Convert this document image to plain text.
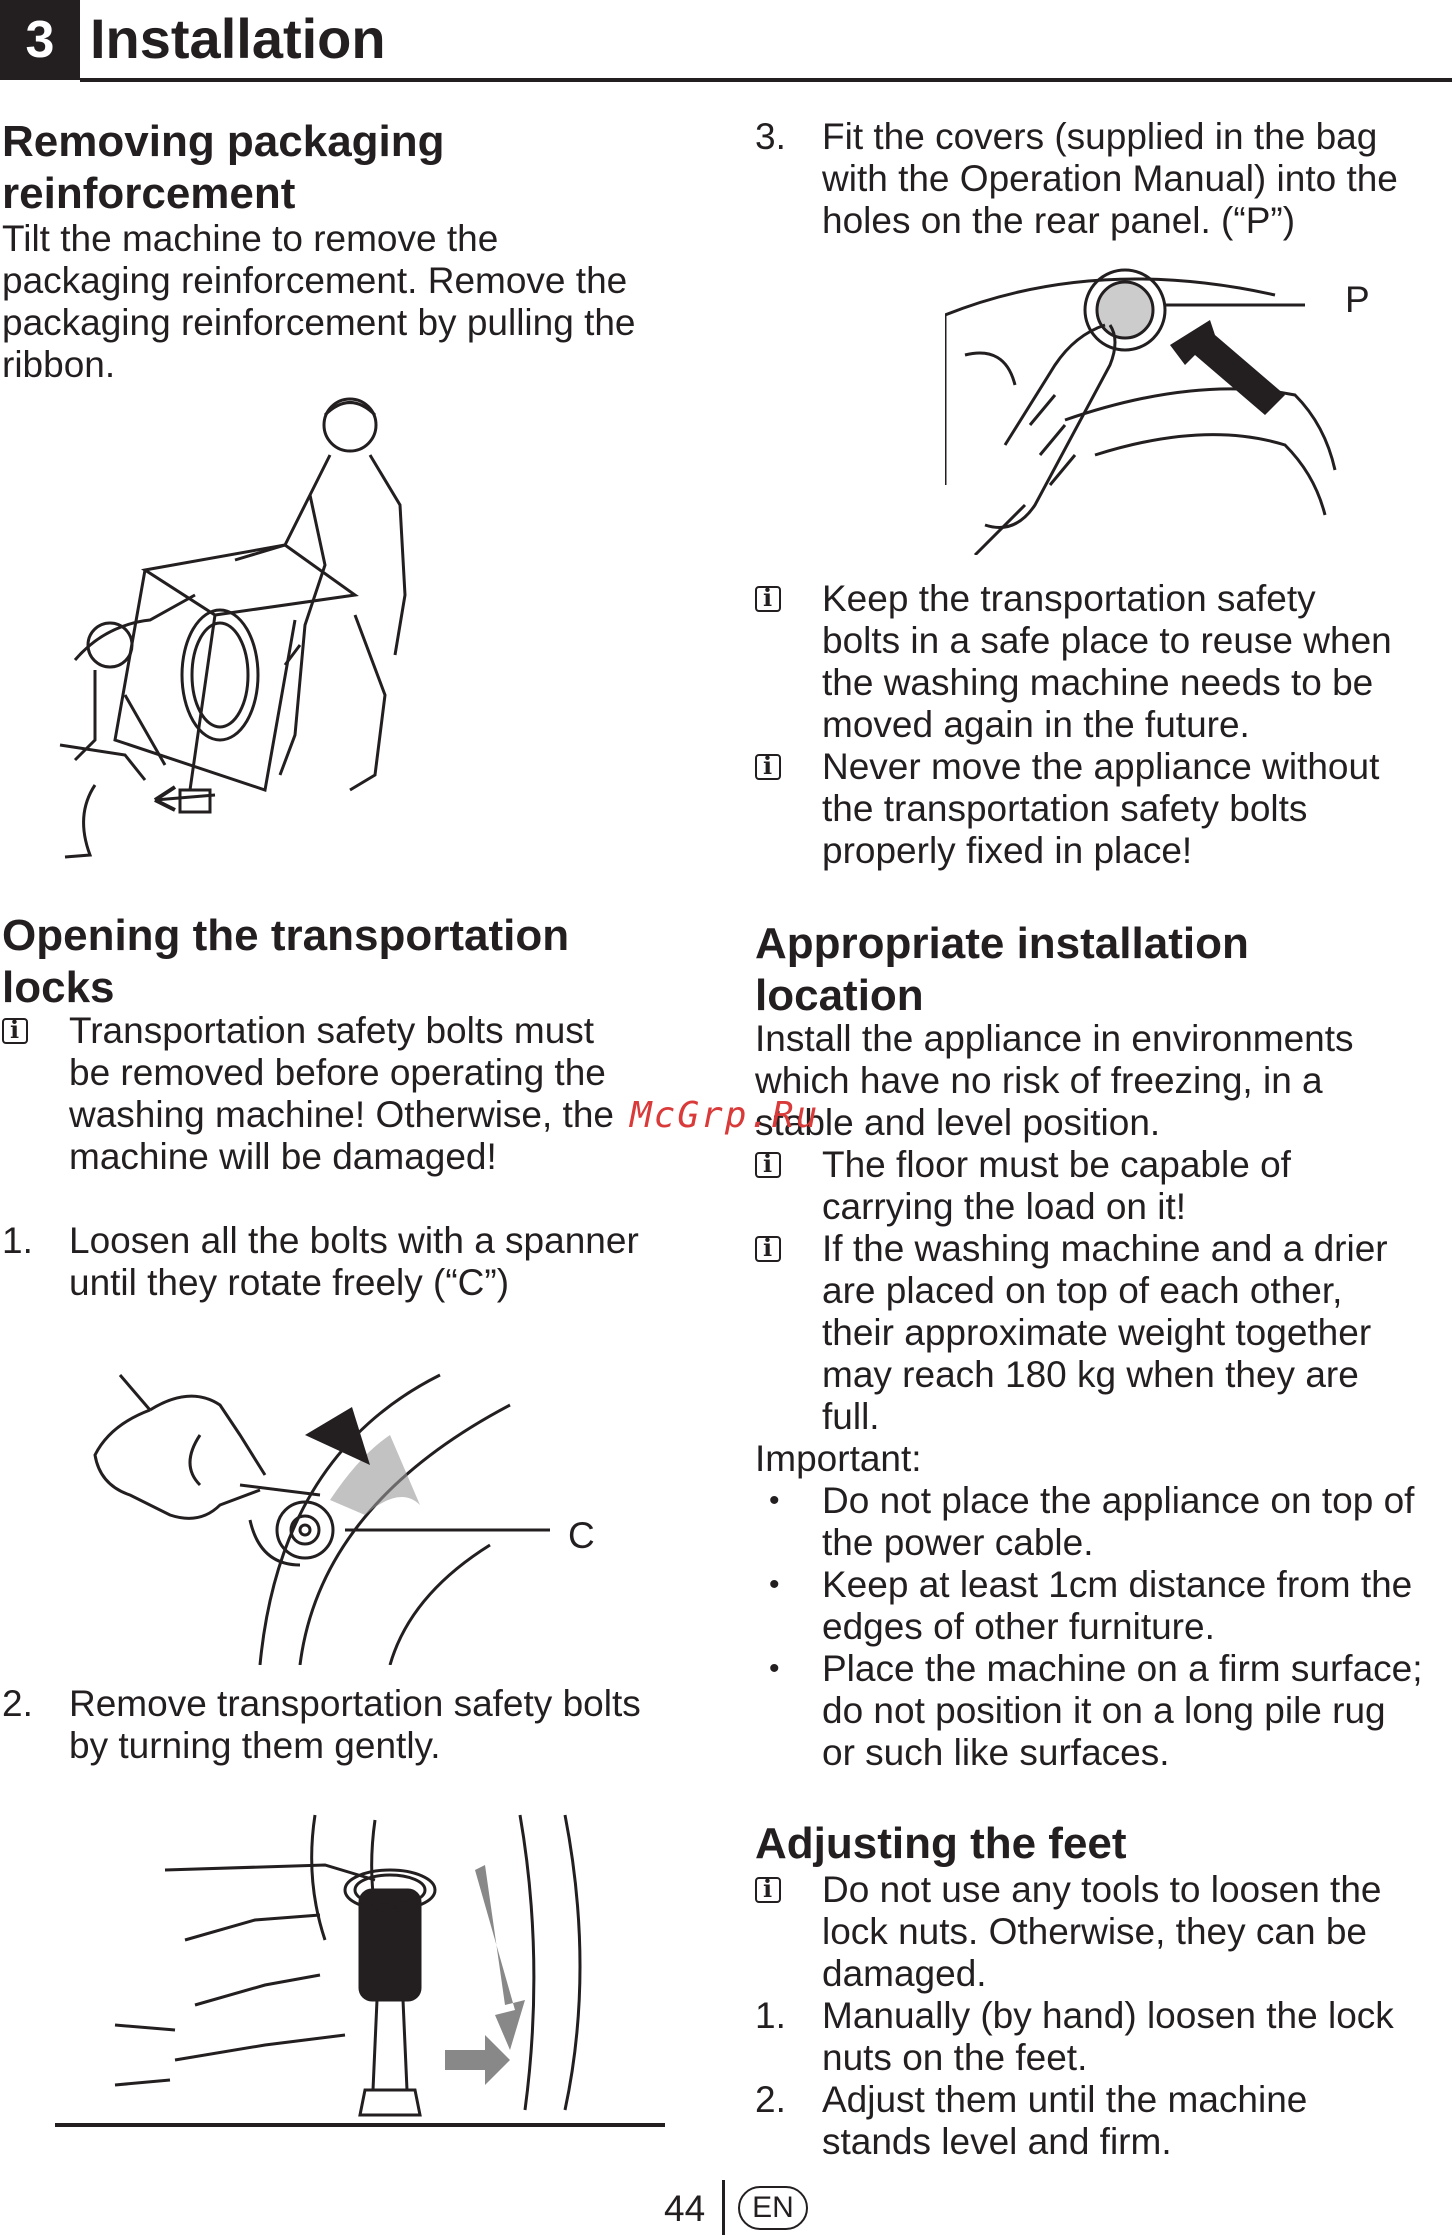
3 Installation
Removing packaging
reinforcement
Tilt the machine to remove the
packaging reinforcement. Remove the
packaging reinforcement by pulling the
ribbon.
Opening the transportation
locks
i
Transportation safety bolts must
be removed before operating the
washing machine! Otherwise, the
machine will be damaged!
1. Loosen all the bolts with a spanner
until they rotate freely (“C”)
C
2. Remove transportation safety bolts
by turning them gently.
3. Fit the covers (supplied in the bag
with the Operation Manual) into the
holes on the rear panel. (“P”)
P
i
Keep the transportation safety
bolts in a safe place to reuse when
the washing machine needs to be
moved again in the future.
i
Never move the appliance without
the transportation safety bolts
properly fixed in place!
Appropriate installation
location
Install the appliance in environments
which have no risk of freezing, in a
stable and level position.
i
The floor must be capable of
carrying the load on it!
i
If the washing machine and a drier
are placed on top of each other,
their approximate weight together
may reach 180 kg when they are
full.
Important:
•	Do not place the appliance on top of
the power cable.
•	Keep at least 1cm distance from the
edges of other furniture.
•	Place the machine on a firm surface;
do not position it on a long pile rug
or such like surfaces.
Adjusting the feet
i
Do not use any tools to loosen the
lock nuts. Otherwise, they can be
damaged.
1. Manually (by hand) loosen the lock
nuts on the feet.
2. Adjust them until the machine
stands level and firm.
McGrp.Ru
44	EN
